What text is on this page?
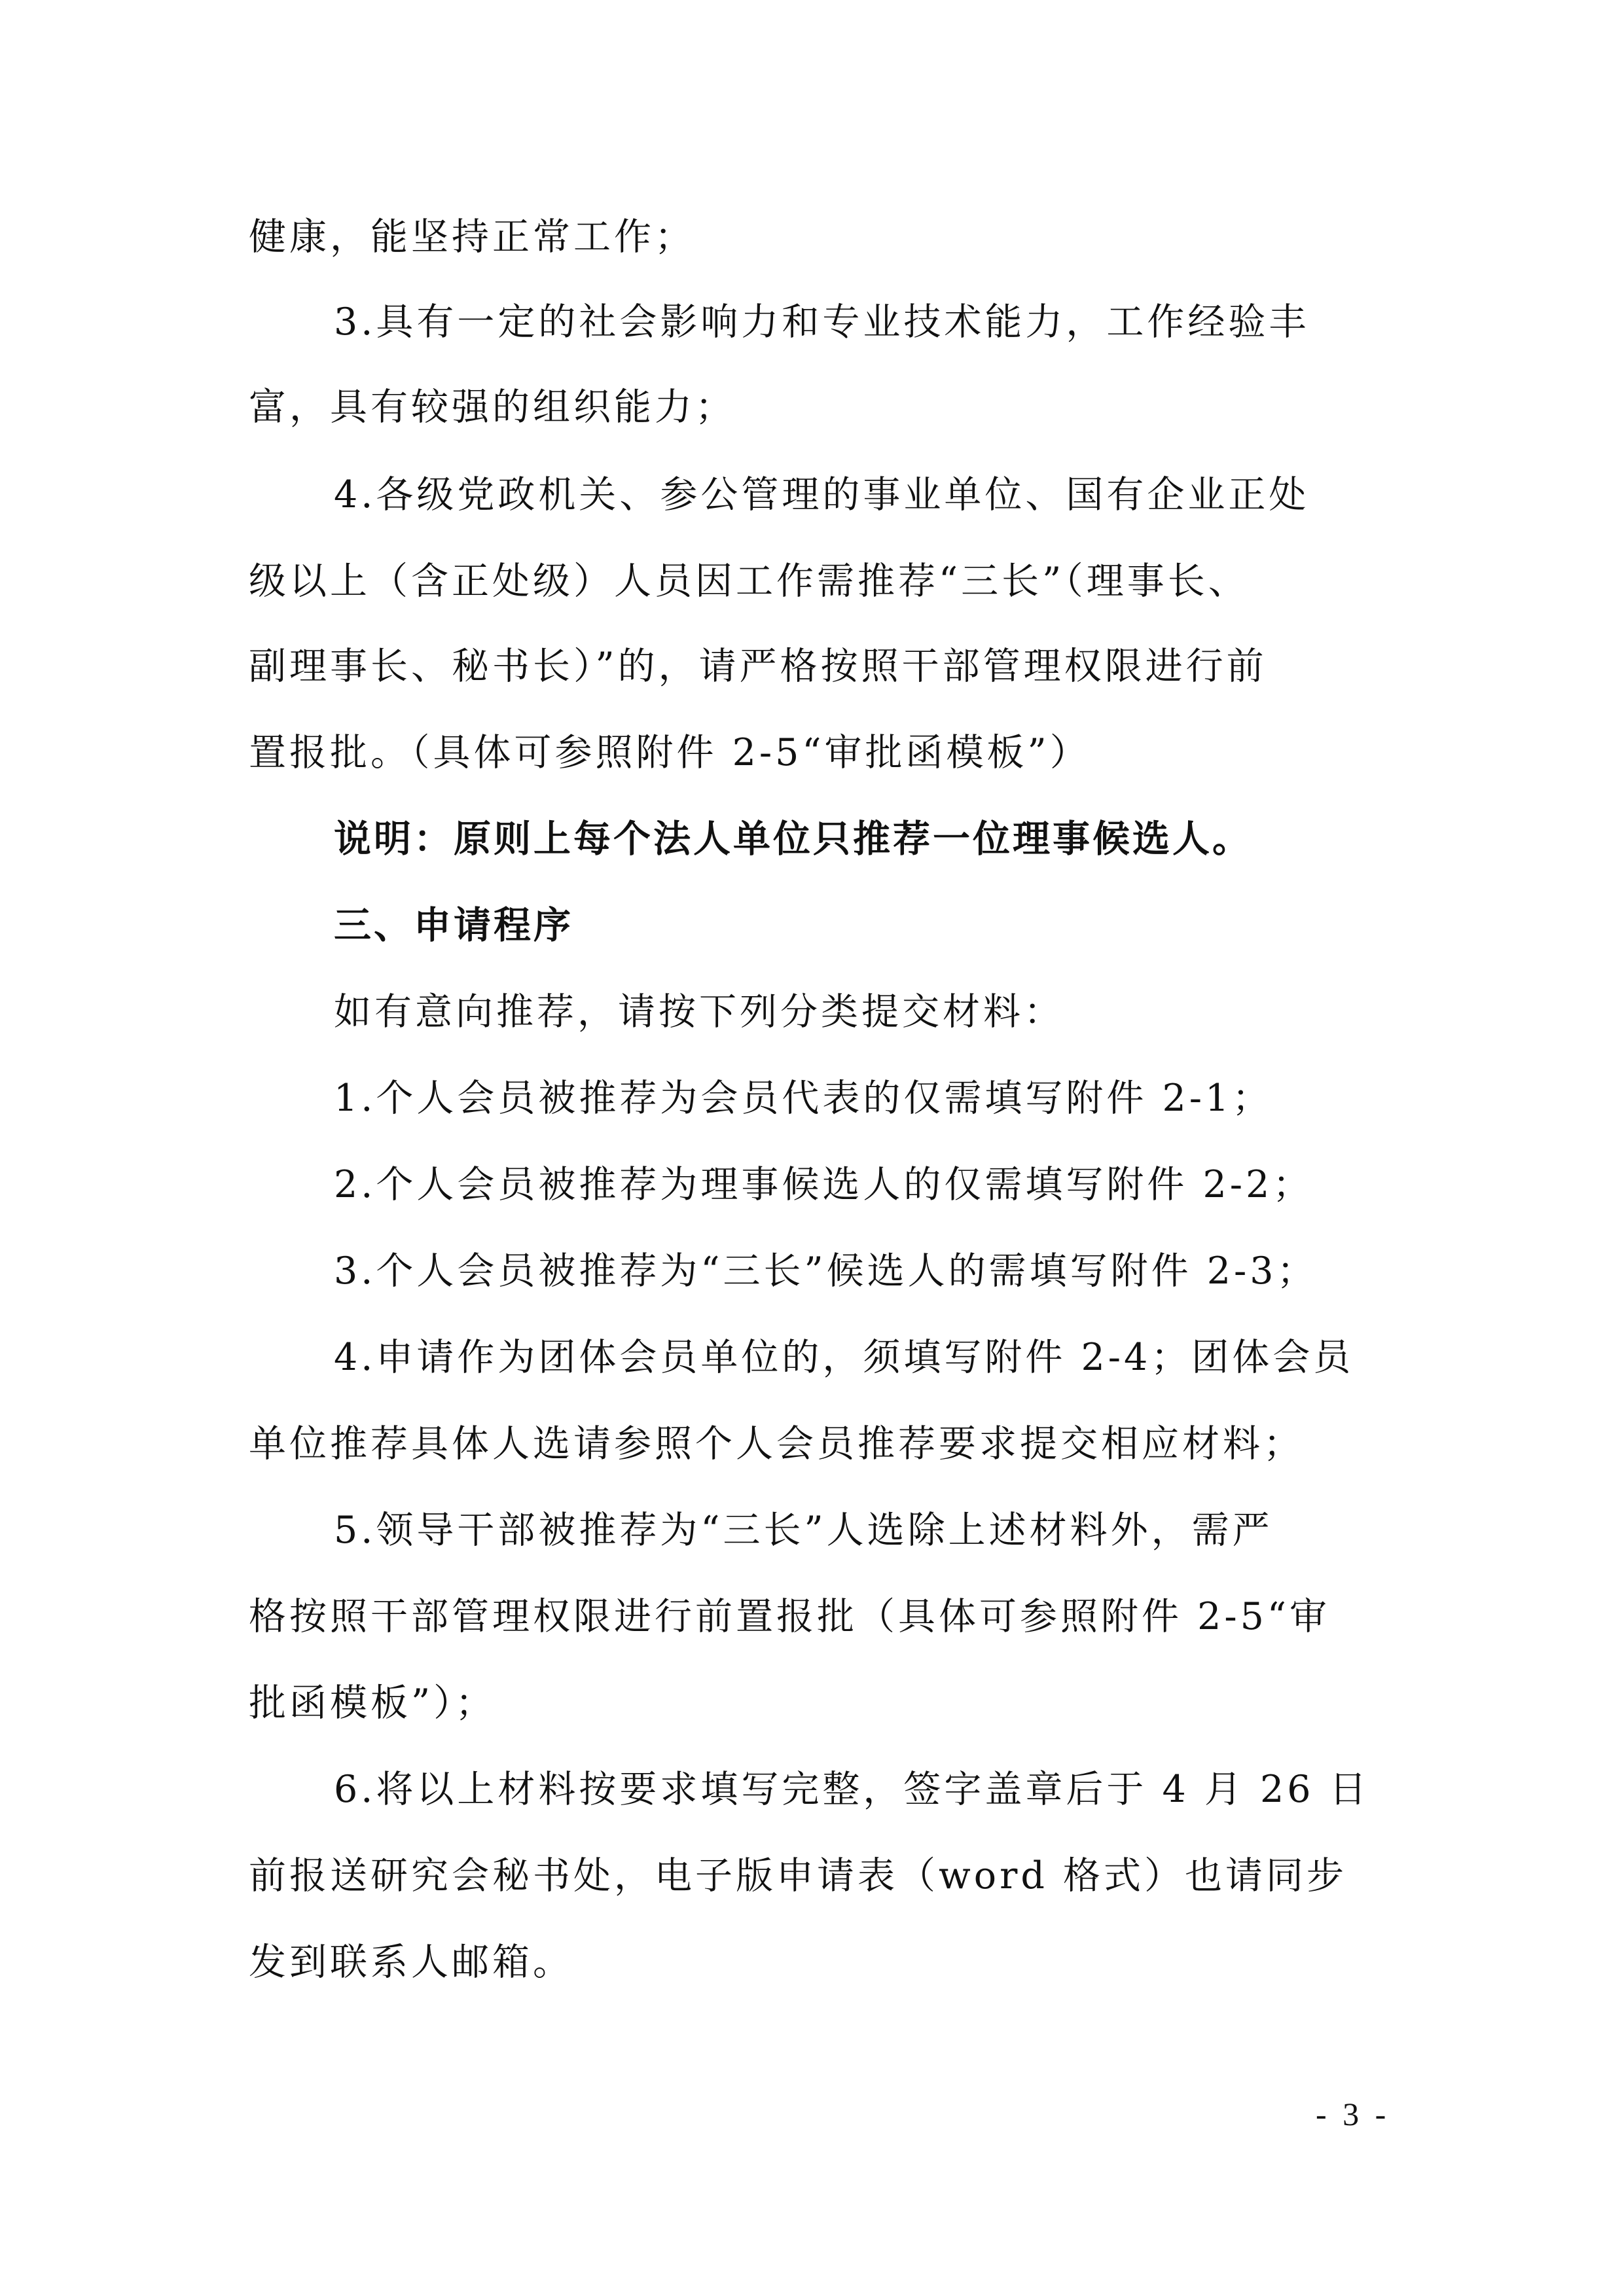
健康，能坚持正常工作；
3.具有一定的社会影响力和专业技术能力，工作经验丰
富，具有较强的组织能力；
4.各级党政机关、参公管理的事业单位、国有企业正处
级以上（含正处级）人员因工作需推荐“三长”（理事长、
副理事长、秘书长）”的，请严格按照干部管理权限进行前
置报批。（具体可参照附件 2-5“审批函模板”）
说明：原则上每个法人单位只推荐一位理事候选人。
三、申请程序
如有意向推荐，请按下列分类提交材料：
1.个人会员被推荐为会员代表的仅需填写附件 2-1；
2.个人会员被推荐为理事候选人的仅需填写附件 2-2；
3.个人会员被推荐为“三长”候选人的需填写附件 2-3；
4.申请作为团体会员单位的，须填写附件 2-4；团体会员
单位推荐具体人选请参照个人会员推荐要求提交相应材料；
5.领导干部被推荐为“三长”人选除上述材料外，需严
格按照干部管理权限进行前置报批（具体可参照附件 2-5“审
批函模板”）；
6.将以上材料按要求填写完整，签字盖章后于 4 月 26 日
前报送研究会秘书处，电子版申请表（word 格式）也请同步
发到联系人邮箱。
- 3 -
